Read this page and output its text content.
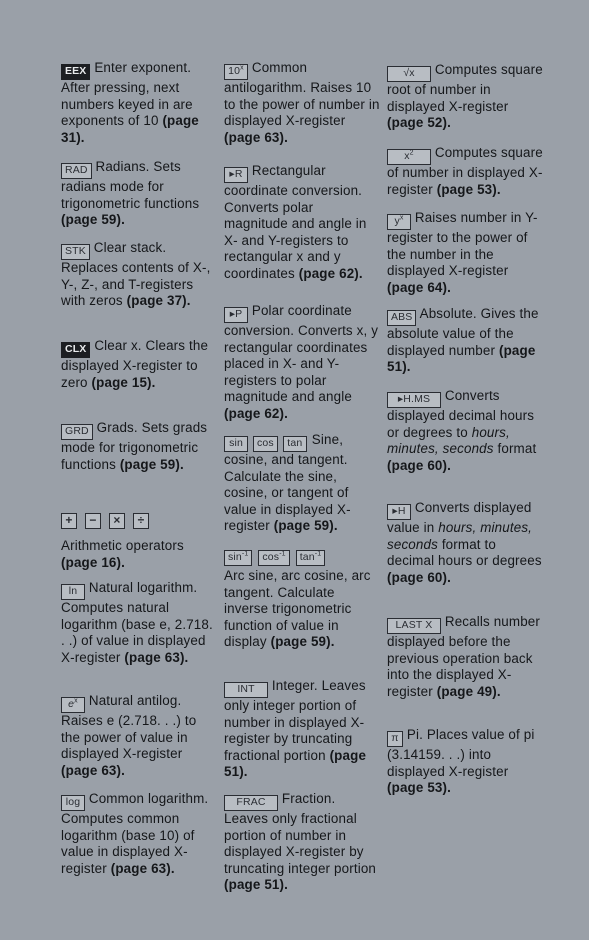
EEX Enter exponent. After pressing, next numbers keyed in are exponents of 10 (page 31).

RAD Radians. Sets radians mode for trigonometric functions (page 59).

STK Clear stack. Replaces contents of X-, Y-, Z-, and T-registers with zeros (page 37).

CLX Clear x. Clears the displayed X-register to zero (page 15).

GRD Grads. Sets grads mode for trigonometric functions (page 59).

+ − × ÷

Arithmetic operators (page 16).

ln Natural logarithm. Computes natural logarithm (base e, 2.718. . .) of value in displayed X-register (page 63).

$e^x$ Natural antilog. Raises e (2.718. . .) to the power of value in displayed X-register (page 63).

log Common logarithm. Computes common logarithm (base 10) of value in displayed X-register (page 63).

10$^x$ Common antilogarithm. Raises 10 to the power of number in displayed X-register (page 63).

▸R Rectangular coordinate conversion. Converts polar magnitude and angle in X- and Y-registers to rectangular x and y coordinates (page 62).

▸P Polar coordinate conversion. Converts x, y rectangular coordinates placed in X- and Y-registers to polar magnitude and angle (page 62).

sin cos tan Sine, cosine, and tangent. Calculate the sine, cosine, or tangent of value in displayed X-register (page 59).

$\sin^{-1} \cos^{-1} \tan^{-1}$

Arc sine, arc cosine, arc tangent. Calculate inverse trigonometric function of value in display (page 59).

INT Integer. Leaves only integer portion of number in displayed X-register by truncating fractional portion (page 51).

FRAC Fraction. Leaves only fractional portion of number in displayed X-register by truncating integer portion (page 51).

√x Computes square root of number in displayed X-register (page 52).

$x^2$ Computes square of number in displayed X-register (page 53).

$y^x$ Raises number in Y-register to the power of the number in the displayed X-register (page 64).

ABS Absolute. Gives the absolute value of the displayed number (page 51).

▸H.MS Converts displayed decimal hours or degrees to hours, minutes, seconds format (page 60).

▸H Converts displayed value in hours, minutes, seconds format to decimal hours or degrees (page 60).

LAST X Recalls number displayed before the previous operation back into the displayed X-register (page 49).

π Pi. Places value of pi (3.14159. . .) into displayed X-register (page 53).
